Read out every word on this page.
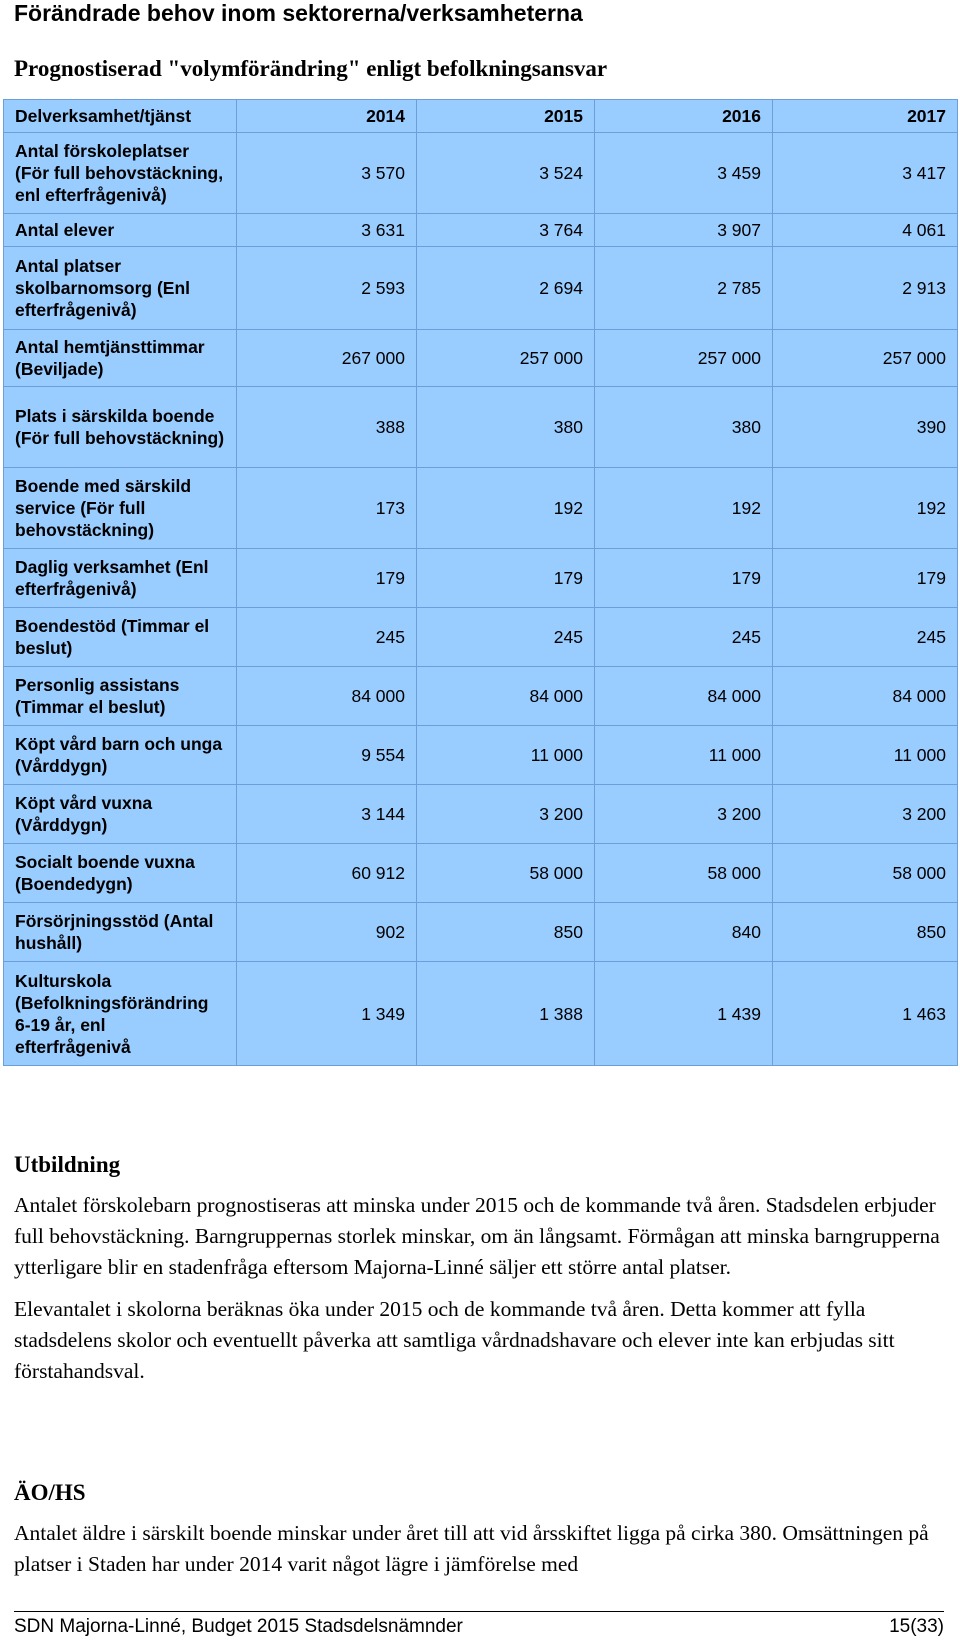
Förändrade behov inom sektorerna/verksamheterna
Prognostiserad "volymförändring" enligt befolkningsansvar
Delverksamhet/tjänst	2014	2015	2016	2017
Antal förskoleplatser (För full behovstäckning, enl efterfrågenivå)	3 570	3 524	3 459	3 417
Antal elever	3 631	3 764	3 907	4 061
Antal platser skolbarnomsorg (Enl efterfrågenivå)	2 593	2 694	2 785	2 913
Antal hemtjänsttimmar (Beviljade)	267 000	257 000	257 000	257 000
Plats i särskilda boende (För full behovstäckning)	388	380	380	390
Boende med särskild service (För full behovstäckning)	173	192	192	192
Daglig verksamhet (Enl efterfrågenivå)	179	179	179	179
Boendestöd (Timmar el beslut)	245	245	245	245
Personlig assistans (Timmar el beslut)	84 000	84 000	84 000	84 000
Köpt vård barn och unga (Vårddygn)	9 554	11 000	11 000	11 000
Köpt vård vuxna (Vårddygn)	3 144	3 200	3 200	3 200
Socialt boende vuxna (Boendedygn)	60 912	58 000	58 000	58 000
Försörjningsstöd (Antal hushåll)	902	850	840	850
Kulturskola (Befolkningsförändring 6-19 år, enl efterfrågenivå	1 349	1 388	1 439	1 463
Utbildning

Antalet förskolebarn prognostiseras att minska under 2015 och de kommande två åren. Stadsdelen erbjuder full behovstäckning. Barngruppernas storlek minskar, om än långsamt. Förmågan att minska barngrupperna ytterligare blir en stadenfråga eftersom Majorna-Linné säljer ett större antal platser.

Elevantalet i skolorna beräknas öka under 2015 och de kommande två åren. Detta kommer att fylla stadsdelens skolor och eventuellt påverka att samtliga vårdnadshavare och elever inte kan erbjudas sitt förstahandsval.

ÄO/HS

Antalet äldre i särskilt boende minskar under året till att vid årsskiftet ligga på cirka 380. Omsättningen på platser i Staden har under 2014 varit något lägre i jämförelse med

SDN Majorna-Linné, Budget 2015 Stadsdelsnämnder	15(33)
